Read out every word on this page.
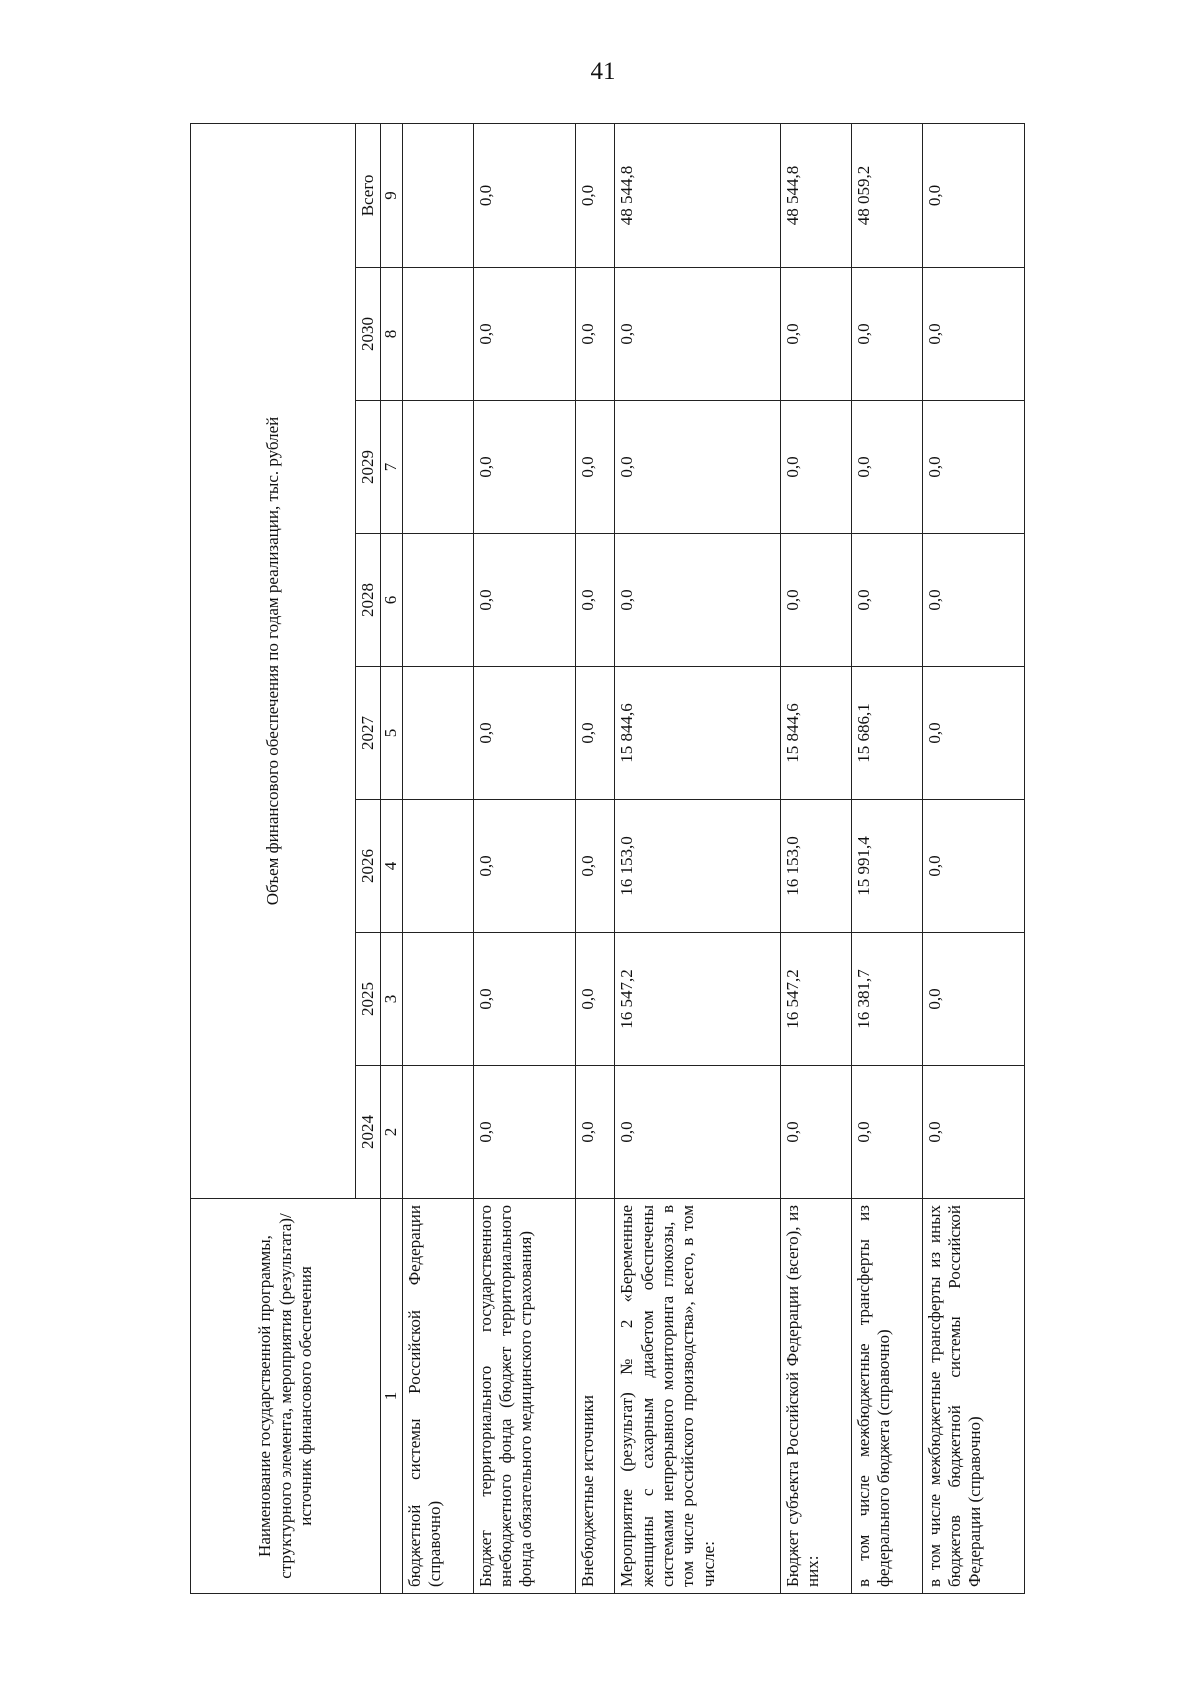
41
Наименование государственной программы, структурного элемента, мероприятия (результата)/источник финансового обеспечения	Объем финансового обеспечения по годам реализации, тыс. рублей							
	2024	2025	2026	2027	2028	2029	2030	Всего
1	2	3	4	5	6	7	8	9
бюджетной системы Российской Федерации (справочно)								
Бюджет территориального государственного внебюджетного фонда (бюджет территориального фонда обязательного медицинского страхования)	0,0	0,0	0,0	0,0	0,0	0,0	0,0	0,0
Внебюджетные источники	0,0	0,0	0,0	0,0	0,0	0,0	0,0	0,0
Мероприятие (результат) № 2 «Беременные женщины с сахарным диабетом обеспечены системами непрерывного мониторинга глюкозы, в том числе российского производства», всего, в том числе:	0,0	16 547,2	16 153,0	15 844,6	0,0	0,0	0,0	48 544,8
Бюджет субъекта Российской Федерации (всего), из них:	0,0	16 547,2	16 153,0	15 844,6	0,0	0,0	0,0	48 544,8
в том числе межбюджетные трансферты из федерального бюджета (справочно)	0,0	16 381,7	15 991,4	15 686,1	0,0	0,0	0,0	48 059,2
в том числе межбюджетные трансферты из иных бюджетов бюджетной системы Российской Федерации (справочно)	0,0	0,0	0,0	0,0	0,0	0,0	0,0	0,0
